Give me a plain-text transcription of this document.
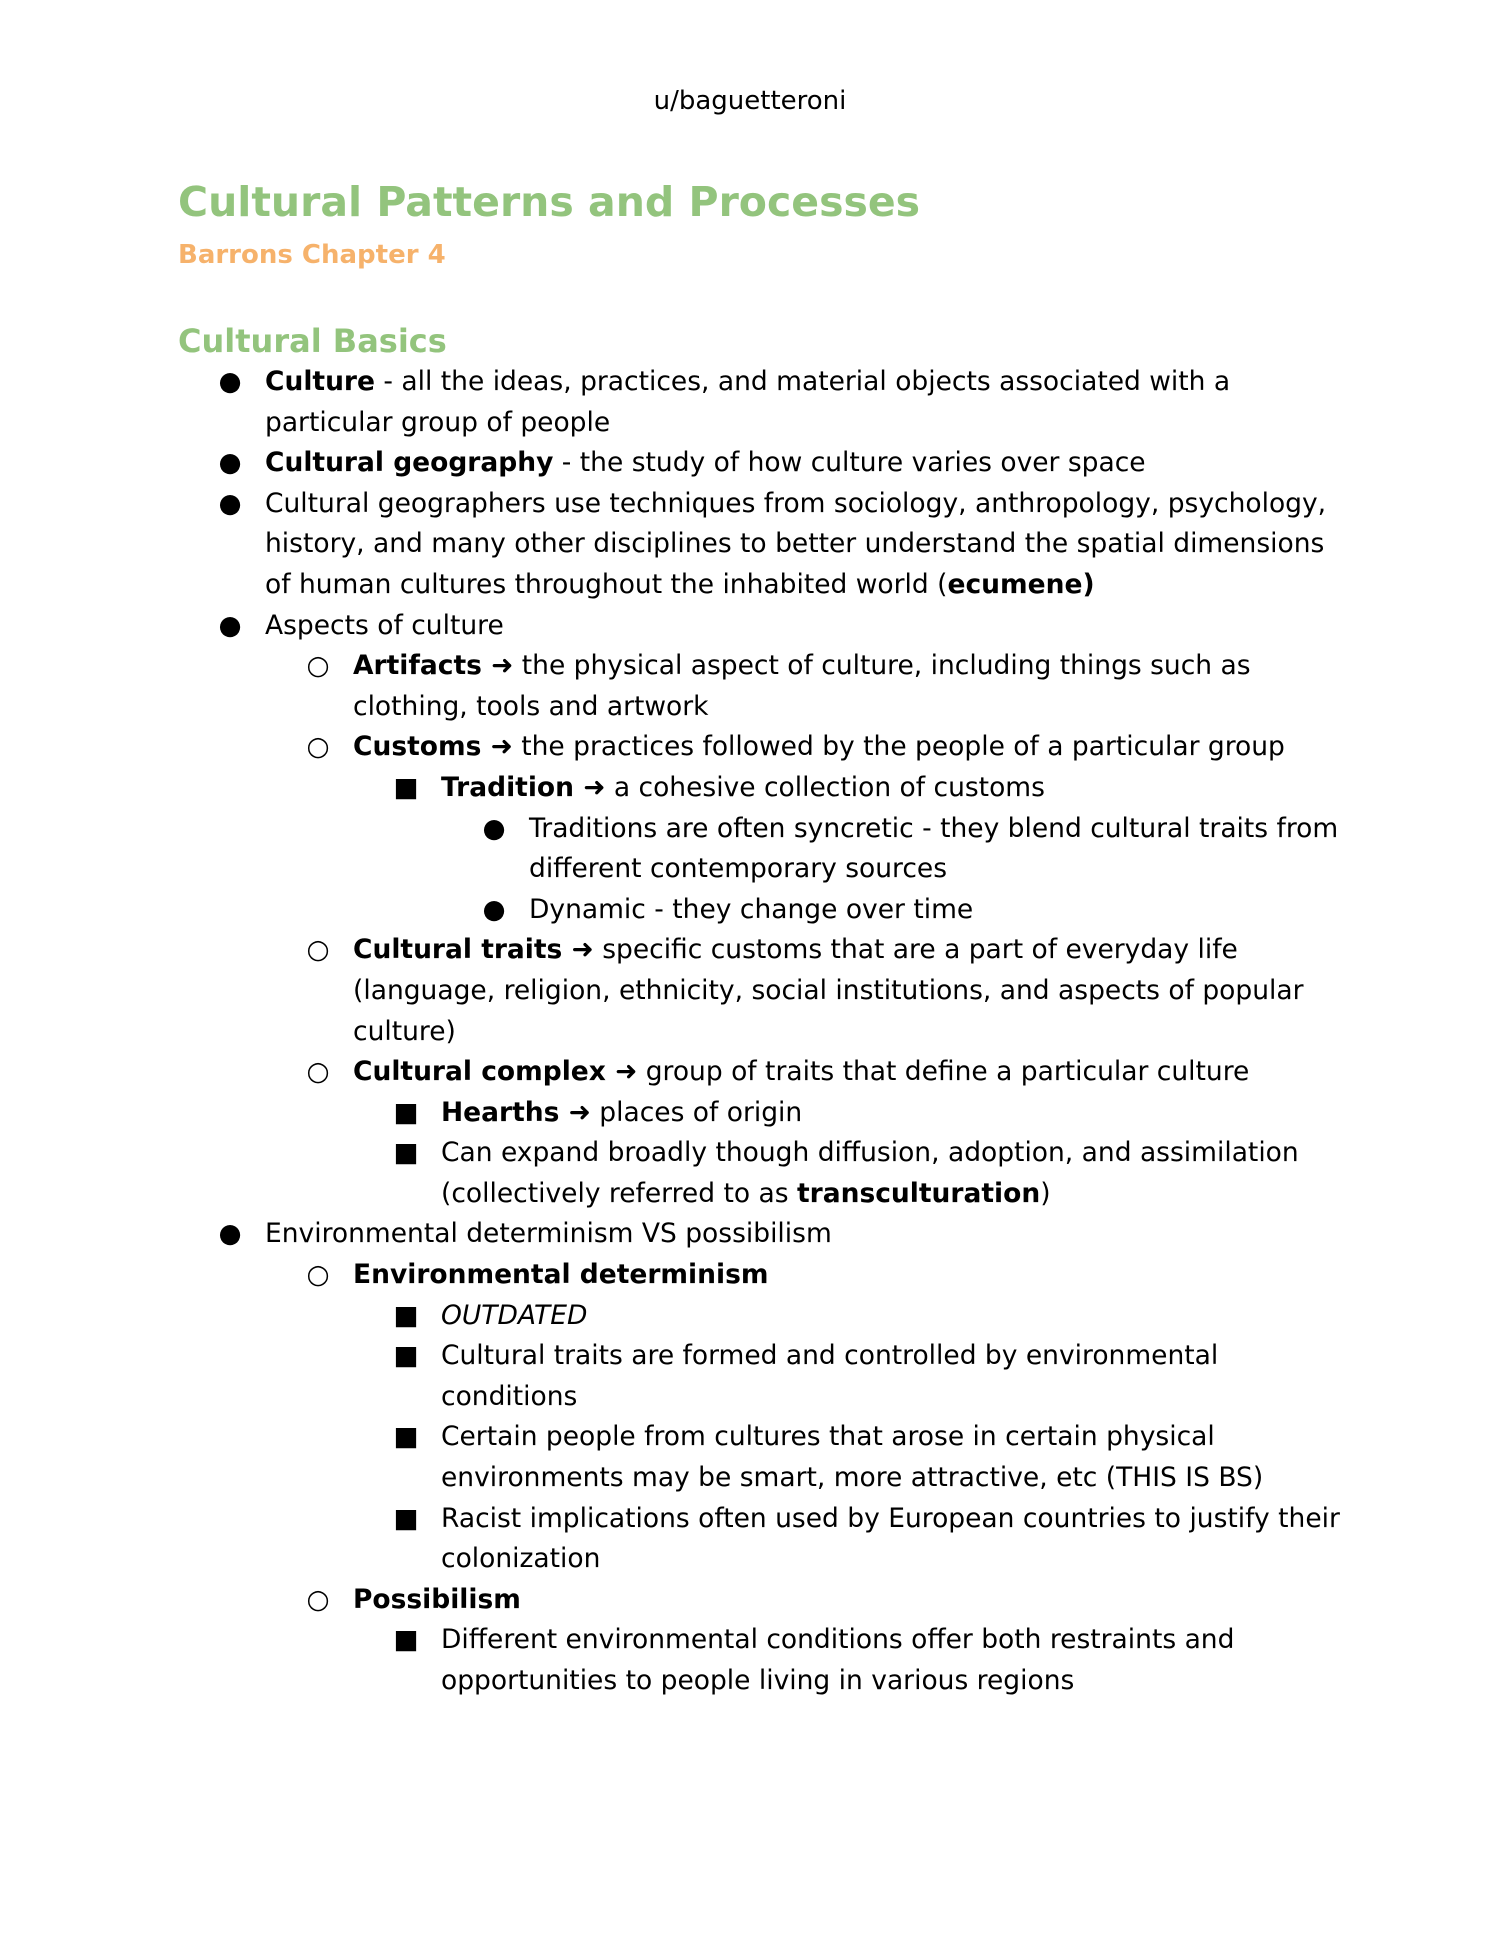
u/baguetteroni
Cultural Patterns and Processes
Barrons Chapter 4
Cultural Basics
● Culture - all the ideas, practices, and material objects associated with a particular group of people
● Cultural geography - the study of how culture varies over space
● Cultural geographers use techniques from sociology, anthropology, psychology, history, and many other disciplines to better understand the spatial dimensions of human cultures throughout the inhabited world (ecumene)
● Aspects of culture
○ Artifacts ➜ the physical aspect of culture, including things such as clothing, tools and artwork
○ Customs ➜ the practices followed by the people of a particular group
■ Tradition ➜ a cohesive collection of customs
● Traditions are often syncretic - they blend cultural traits from different contemporary sources
● Dynamic - they change over time
○ Cultural traits ➜ specific customs that are a part of everyday life (language, religion, ethnicity, social institutions, and aspects of popular culture)
○ Cultural complex ➜ group of traits that define a particular culture
■ Hearths ➜ places of origin
■ Can expand broadly though diffusion, adoption, and assimilation (collectively referred to as transculturation)
● Environmental determinism VS possibilism
○ Environmental determinism
■ OUTDATED
■ Cultural traits are formed and controlled by environmental conditions
■ Certain people from cultures that arose in certain physical environments may be smart, more attractive, etc (THIS IS BS)
■ Racist implications often used by European countries to justify their colonization
○ Possibilism
■ Different environmental conditions offer both restraints and opportunities to people living in various regions
